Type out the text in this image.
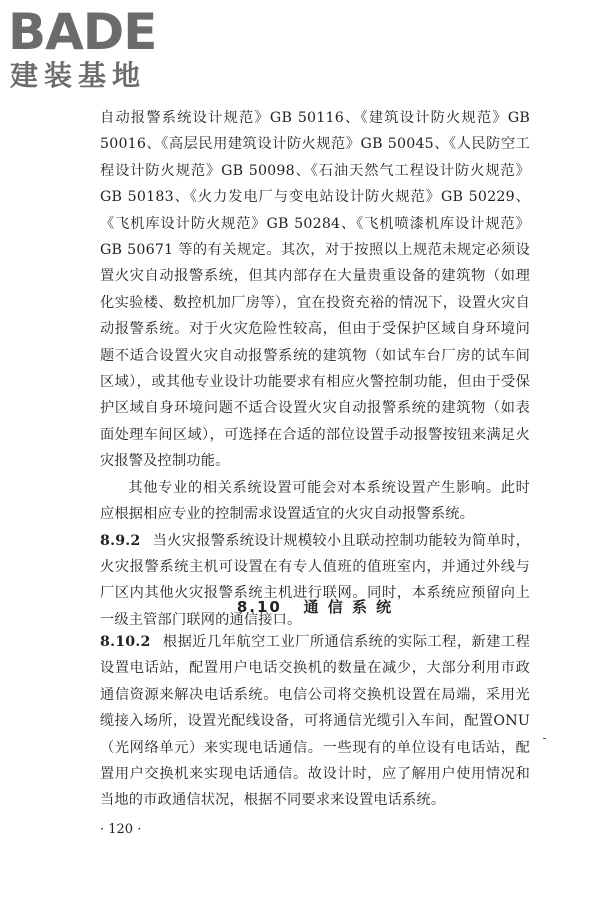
BADE
建装基地

自动报警系统设计规范》GB 50116、《建筑设计防火规范》GB 50016、《高层民用建筑设计防火规范》GB 50045、《人民防空工程设计防火规范》GB 50098、《石油天然气工程设计防火规范》GB 50183、《火力发电厂与变电站设计防火规范》GB 50229、《飞机库设计防火规范》GB 50284、《飞机喷漆机库设计规范》GB 50671 等的有关规定。其次，对于按照以上规范未规定必须设置火灾自动报警系统，但其内部存在大量贵重设备的建筑物（如理化实验楼、数控机加厂房等），宜在投资充裕的情况下，设置火灾自动报警系统。对于火灾危险性较高，但由于受保护区域自身环境问题不适合设置火灾自动报警系统的建筑物（如试车台厂房的试车间区域），或其他专业设计功能要求有相应火警控制功能，但由于受保护区域自身环境问题不适合设置火灾自动报警系统的建筑物（如表面处理车间区域），可选择在合适的部位设置手动报警按钮来满足火灾报警及控制功能。

其他专业的相关系统设置可能会对本系统设置产生影响。此时应根据相应专业的控制需求设置适宜的火灾自动报警系统。

8.9.2 当火灾报警系统设计规模较小且联动控制功能较为简单时，火灾报警系统主机可设置在有专人值班的值班室内，并通过外线与厂区内其他火灾报警系统主机进行联网。同时，本系统应预留向上一级主管部门联网的通信接口。

8.10 通 信 系 统

8.10.2 根据近几年航空工业厂所通信系统的实际工程，新建工程设置电话站，配置用户电话交换机的数量在减少，大部分利用市政通信资源来解决电话系统。电信公司将交换机设置在局端，采用光缆接入场所，设置光配线设备，可将通信光缆引入车间，配置ONU（光网络单元）来实现电话通信。一些现有的单位设有电话站，配置用户交换机来实现电话通信。故设计时，应了解用户使用情况和当地的市政通信状况，根据不同要求来设置电话系统。

· 120 ·
